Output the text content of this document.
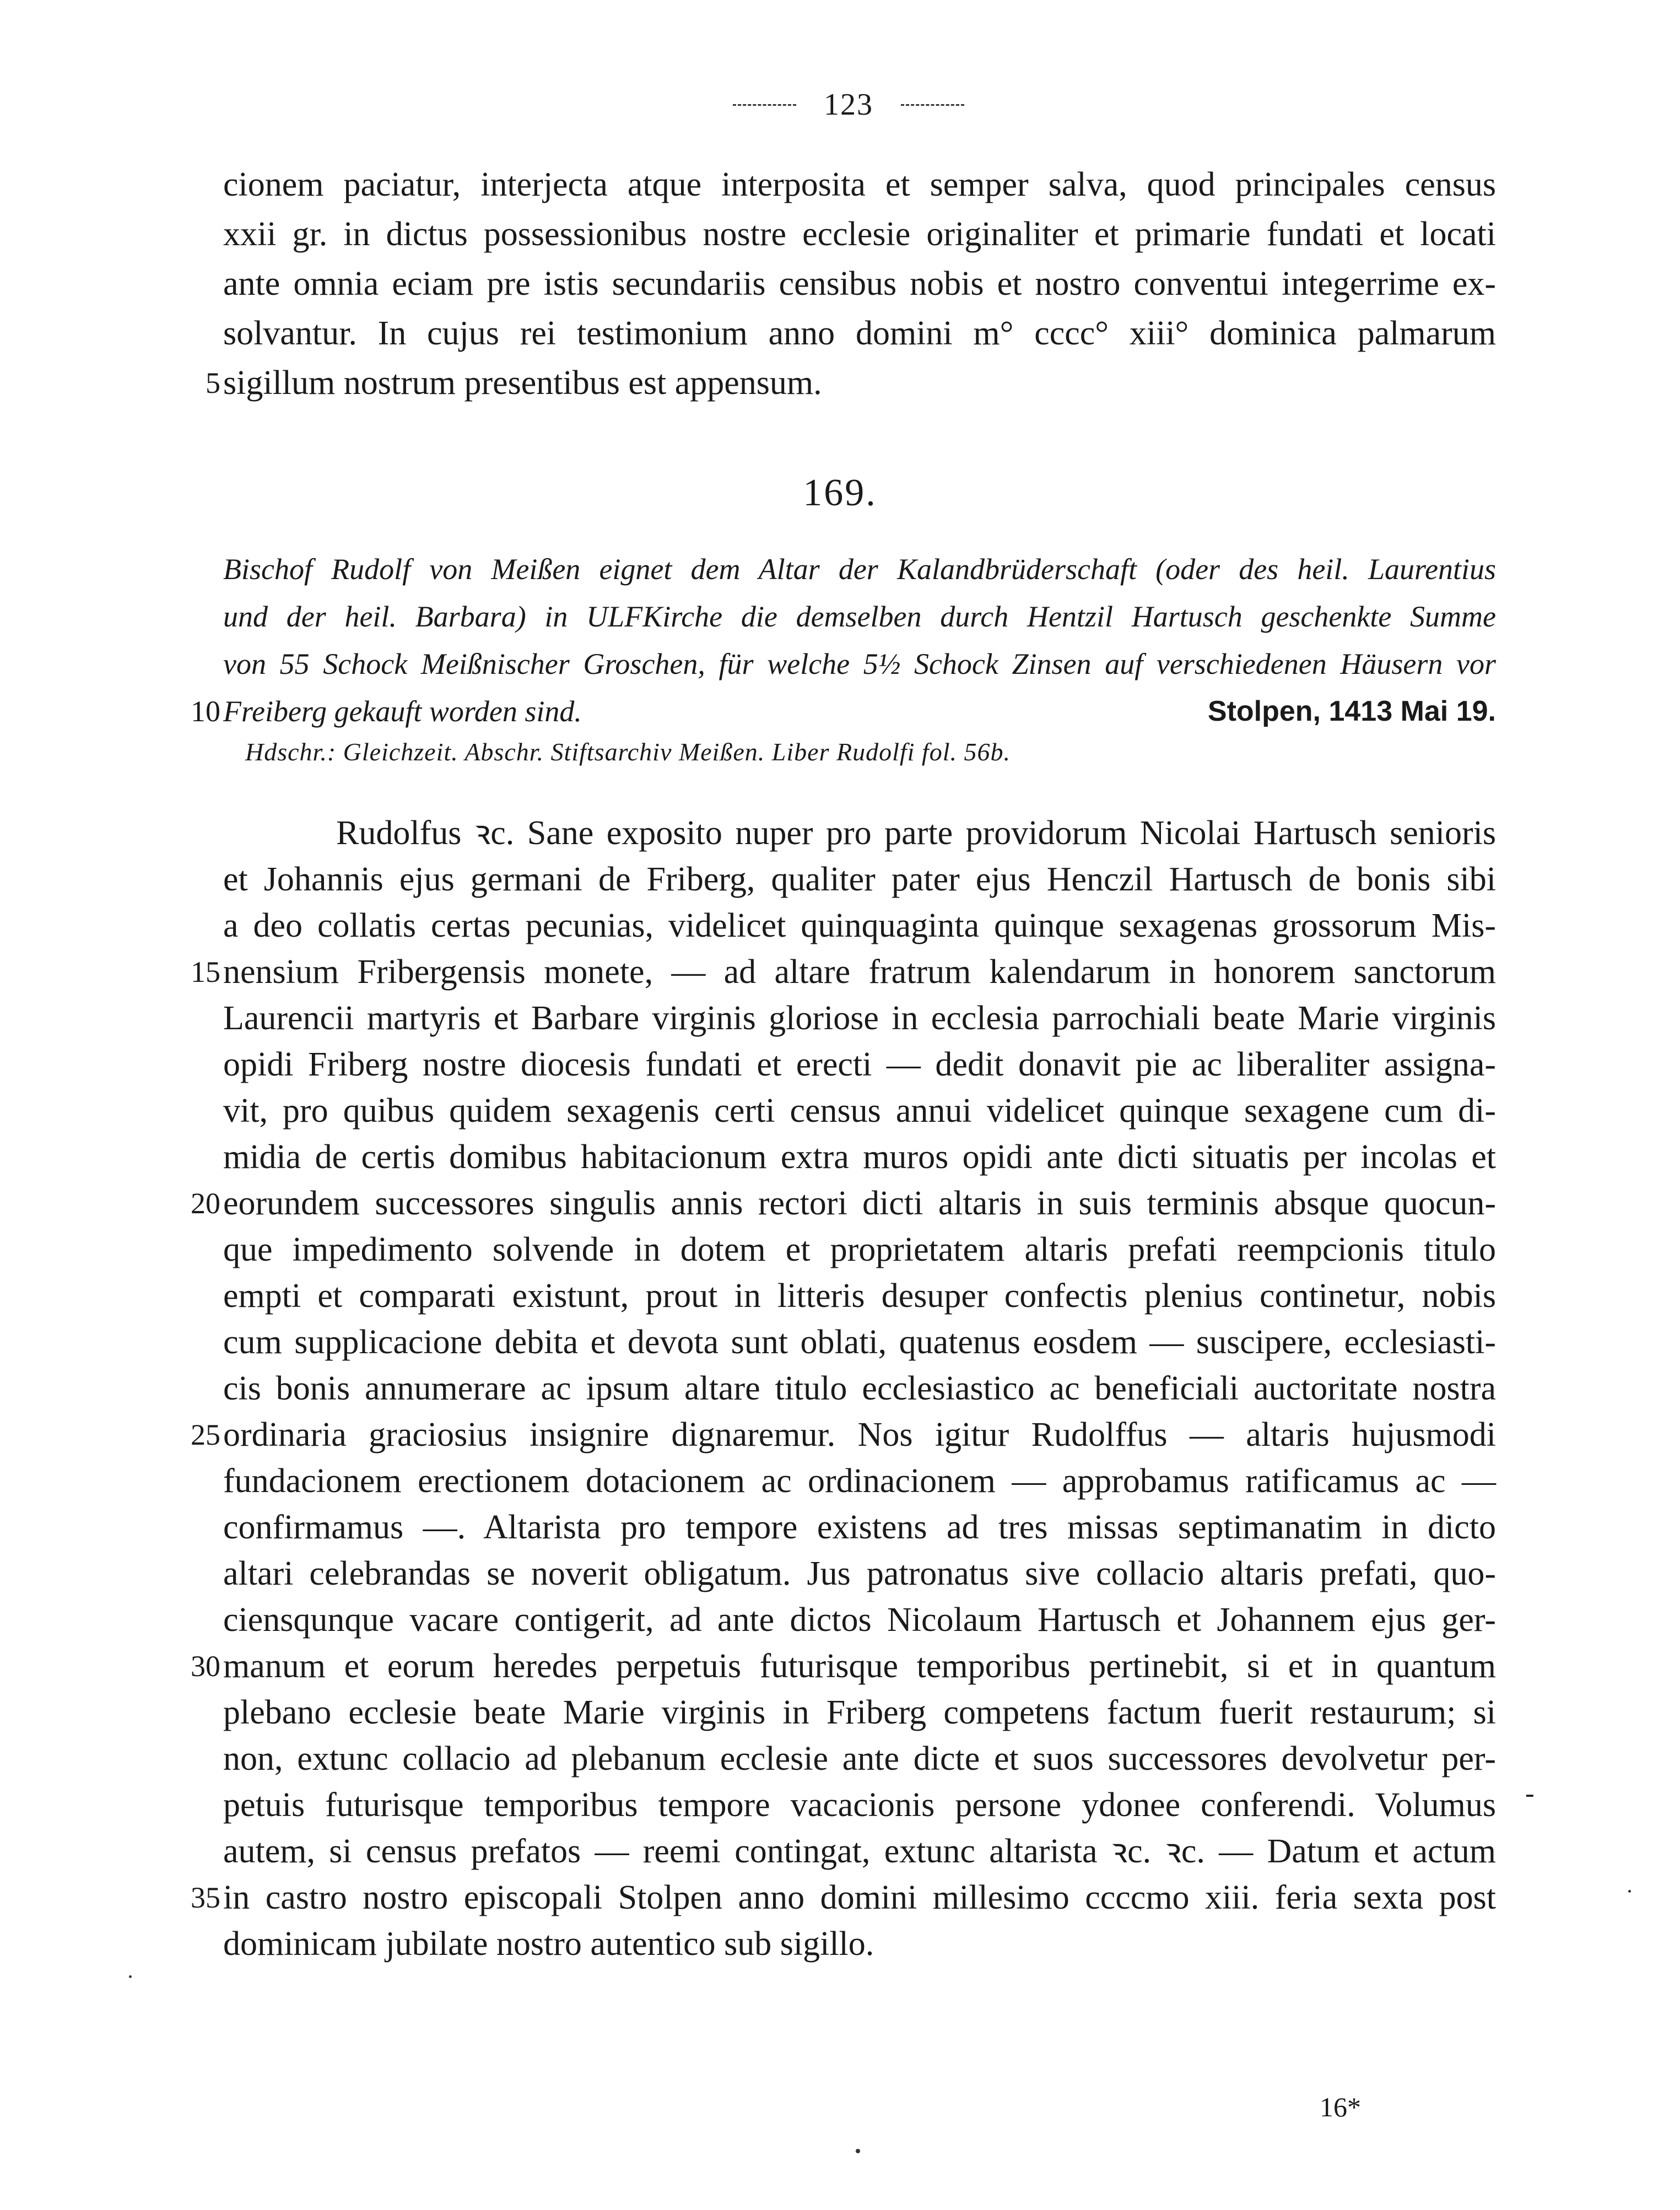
123
cionem paciatur, interjecta atque interposita et semper salva, quod principales census
xxii gr. in dictus possessionibus nostre ecclesie originaliter et primarie fundati et locati
ante omnia eciam pre istis secundariis censibus nobis et nostro conventui integerrime ex-
solvantur. In cujus rei testimonium anno domini m° cccc° xiii° dominica palmarum
5 sigillum nostrum presentibus est appensum.
169.
Bischof Rudolf von Meißen eignet dem Altar der Kalandbrüderschaft (oder des heil. Laurentius
und der heil. Barbara) in ULFKirche die demselben durch Hentzil Hartusch geschenkte Summe
von 55 Schock Meißnischer Groschen, für welche 5½ Schock Zinsen auf verschiedenen Häusern vor
10 Freiberg gekauft worden sind.	Stolpen, 1413 Mai 19.
Hdschr.: Gleichzeit. Abschr. Stiftsarchiv Meißen. Liber Rudolfi fol. 56b.
Rudolfus ꝛc. Sane exposito nuper pro parte providorum Nicolai Hartusch senioris
et Johannis ejus germani de Friberg, qualiter pater ejus Henczil Hartusch de bonis sibi
a deo collatis certas pecunias, videlicet quinquaginta quinque sexagenas grossorum Mis-
15 nensium Fribergensis monete, — ad altare fratrum kalendarum in honorem sanctorum
Laurencii martyris et Barbare virginis gloriose in ecclesia parrochiali beate Marie virginis
opidi Friberg nostre diocesis fundati et erecti — dedit donavit pie ac liberaliter assigna-
vit, pro quibus quidem sexagenis certi census annui videlicet quinque sexagene cum di-
midia de certis domibus habitacionum extra muros opidi ante dicti situatis per incolas et
20 eorundem successores singulis annis rectori dicti altaris in suis terminis absque quocun-
que impedimento solvende in dotem et proprietatem altaris prefati reempcionis titulo
empti et comparati existunt, prout in litteris desuper confectis plenius continetur, nobis
cum supplicacione debita et devota sunt oblati, quatenus eosdem — suscipere, ecclesiasti-
cis bonis annumerare ac ipsum altare titulo ecclesiastico ac beneficiali auctoritate nostra
25 ordinaria graciosius insignire dignaremur. Nos igitur Rudolffus — altaris hujusmodi
fundacionem erectionem dotacionem ac ordinacionem — approbamus ratificamus ac —
confirmamus —. Altarista pro tempore existens ad tres missas septimanatim in dicto
altari celebrandas se noverit obligatum. Jus patronatus sive collacio altaris prefati, quo-
ciensqunque vacare contigerit, ad ante dictos Nicolaum Hartusch et Johannem ejus ger-
30 manum et eorum heredes perpetuis futurisque temporibus pertinebit, si et in quantum
plebano ecclesie beate Marie virginis in Friberg competens factum fuerit restaurum; si
non, extunc collacio ad plebanum ecclesie ante dicte et suos successores devolvetur per-
petuis futurisque temporibus tempore vacacionis persone ydonee conferendi. Volumus
autem, si census prefatos — reemi contingat, extunc altarista ꝛc. ꝛc. — Datum et actum
35 in castro nostro episcopali Stolpen anno domini millesimo ccccmo xiii. feria sexta post
dominicam jubilate nostro autentico sub sigillo.
-
16*
